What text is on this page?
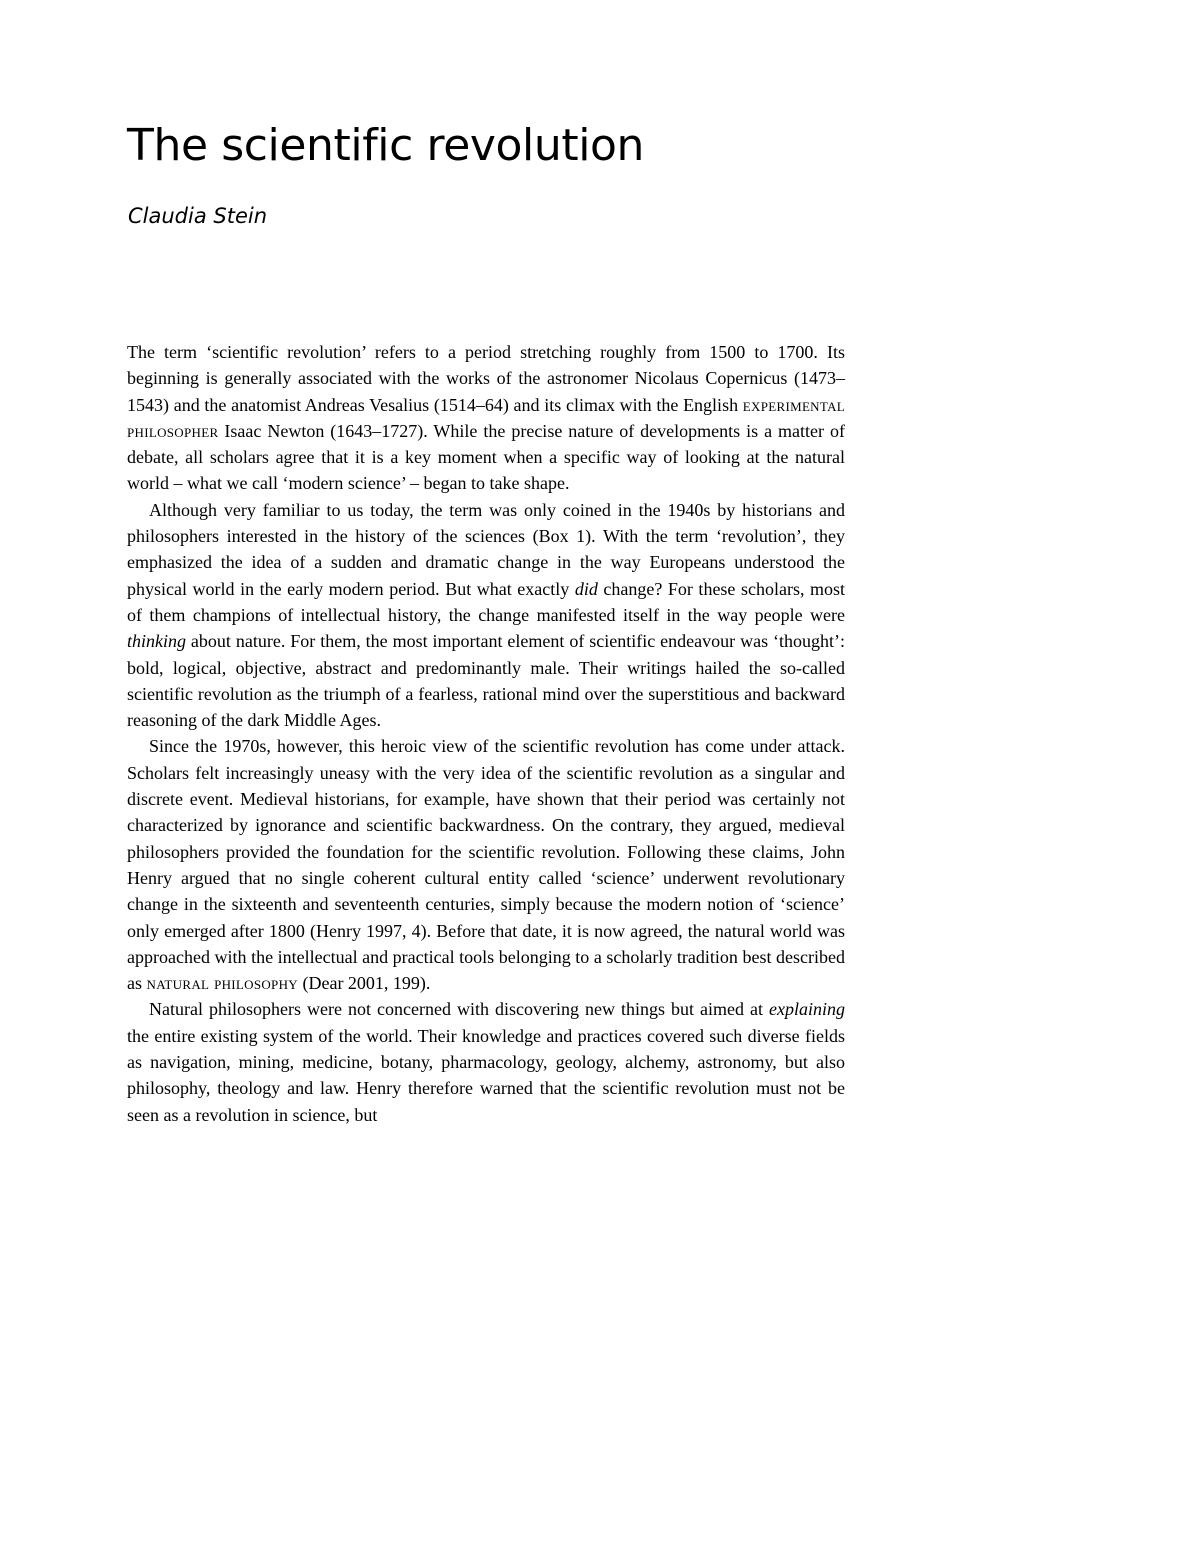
The scientific revolution

Claudia Stein

The term ‘scientific revolution’ refers to a period stretching roughly from 1500 to 1700. Its beginning is generally associated with the works of the astronomer Nicolaus Copernicus (1473–1543) and the anatomist Andreas Vesalius (1514–64) and its climax with the English experimental philosopher Isaac Newton (1643–1727). While the precise nature of developments is a matter of debate, all scholars agree that it is a key moment when a specific way of looking at the natural world – what we call ‘modern science’ – began to take shape.

Although very familiar to us today, the term was only coined in the 1940s by historians and philosophers interested in the history of the sciences (Box 1). With the term ‘revolution’, they emphasized the idea of a sudden and dramatic change in the way Europeans understood the physical world in the early modern period. But what exactly did change? For these scholars, most of them champions of intellectual history, the change manifested itself in the way people were thinking about nature. For them, the most important element of scientific endeavour was ‘thought’: bold, logical, objective, abstract and predominantly male. Their writings hailed the so-called scientific revolution as the triumph of a fearless, rational mind over the superstitious and backward reasoning of the dark Middle Ages.

Since the 1970s, however, this heroic view of the scientific revolution has come under attack. Scholars felt increasingly uneasy with the very idea of the scientific revolution as a singular and discrete event. Medieval historians, for example, have shown that their period was certainly not characterized by ignorance and scientific backwardness. On the contrary, they argued, medieval philosophers provided the foundation for the scientific revolution. Following these claims, John Henry argued that no single coherent cultural entity called ‘science’ underwent revolutionary change in the sixteenth and seventeenth centuries, simply because the modern notion of ‘science’ only emerged after 1800 (Henry 1997, 4). Before that date, it is now agreed, the natural world was approached with the intellectual and practical tools belonging to a scholarly tradition best described as natural philosophy (Dear 2001, 199).

Natural philosophers were not concerned with discovering new things but aimed at explaining the entire existing system of the world. Their knowledge and practices covered such diverse fields as navigation, mining, medicine, botany, pharmacology, geology, alchemy, astronomy, but also philosophy, theology and law. Henry therefore warned that the scientific revolution must not be seen as a revolution in science, but
